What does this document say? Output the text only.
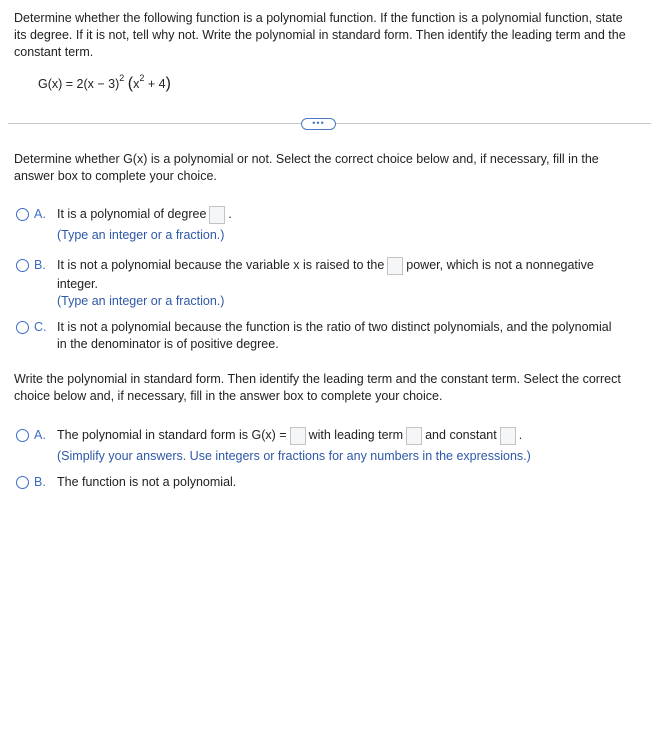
Determine whether the following function is a polynomial function. If the function is a polynomial function, state
its degree. If it is not, tell why not. Write the polynomial in standard form. Then identify the leading term and the
constant term.
$G(x) = 2(x - 3)^2$ $(x^2 + 4)$
•••
Determine whether G(x) is a polynomial or not. Select the correct choice below and, if necessary, fill in the
answer box to complete your choice.
A. It is a polynomial of degree .
(Type an integer or a fraction.)
B. It is not a polynomial because the variable x is raised to the power, which is not a nonnegative
integer.
(Type an integer or a fraction.)
C. It is not a polynomial because the function is the ratio of two distinct polynomials, and the polynomial
in the denominator is of positive degree.
Write the polynomial in standard form. Then identify the leading term and the constant term. Select the correct
choice below and, if necessary, fill in the answer box to complete your choice.
A. The polynomial in standard form is G(x) = with leading term and constant .
(Simplify your answers. Use integers or fractions for any numbers in the expressions.)
B. The function is not a polynomial.
